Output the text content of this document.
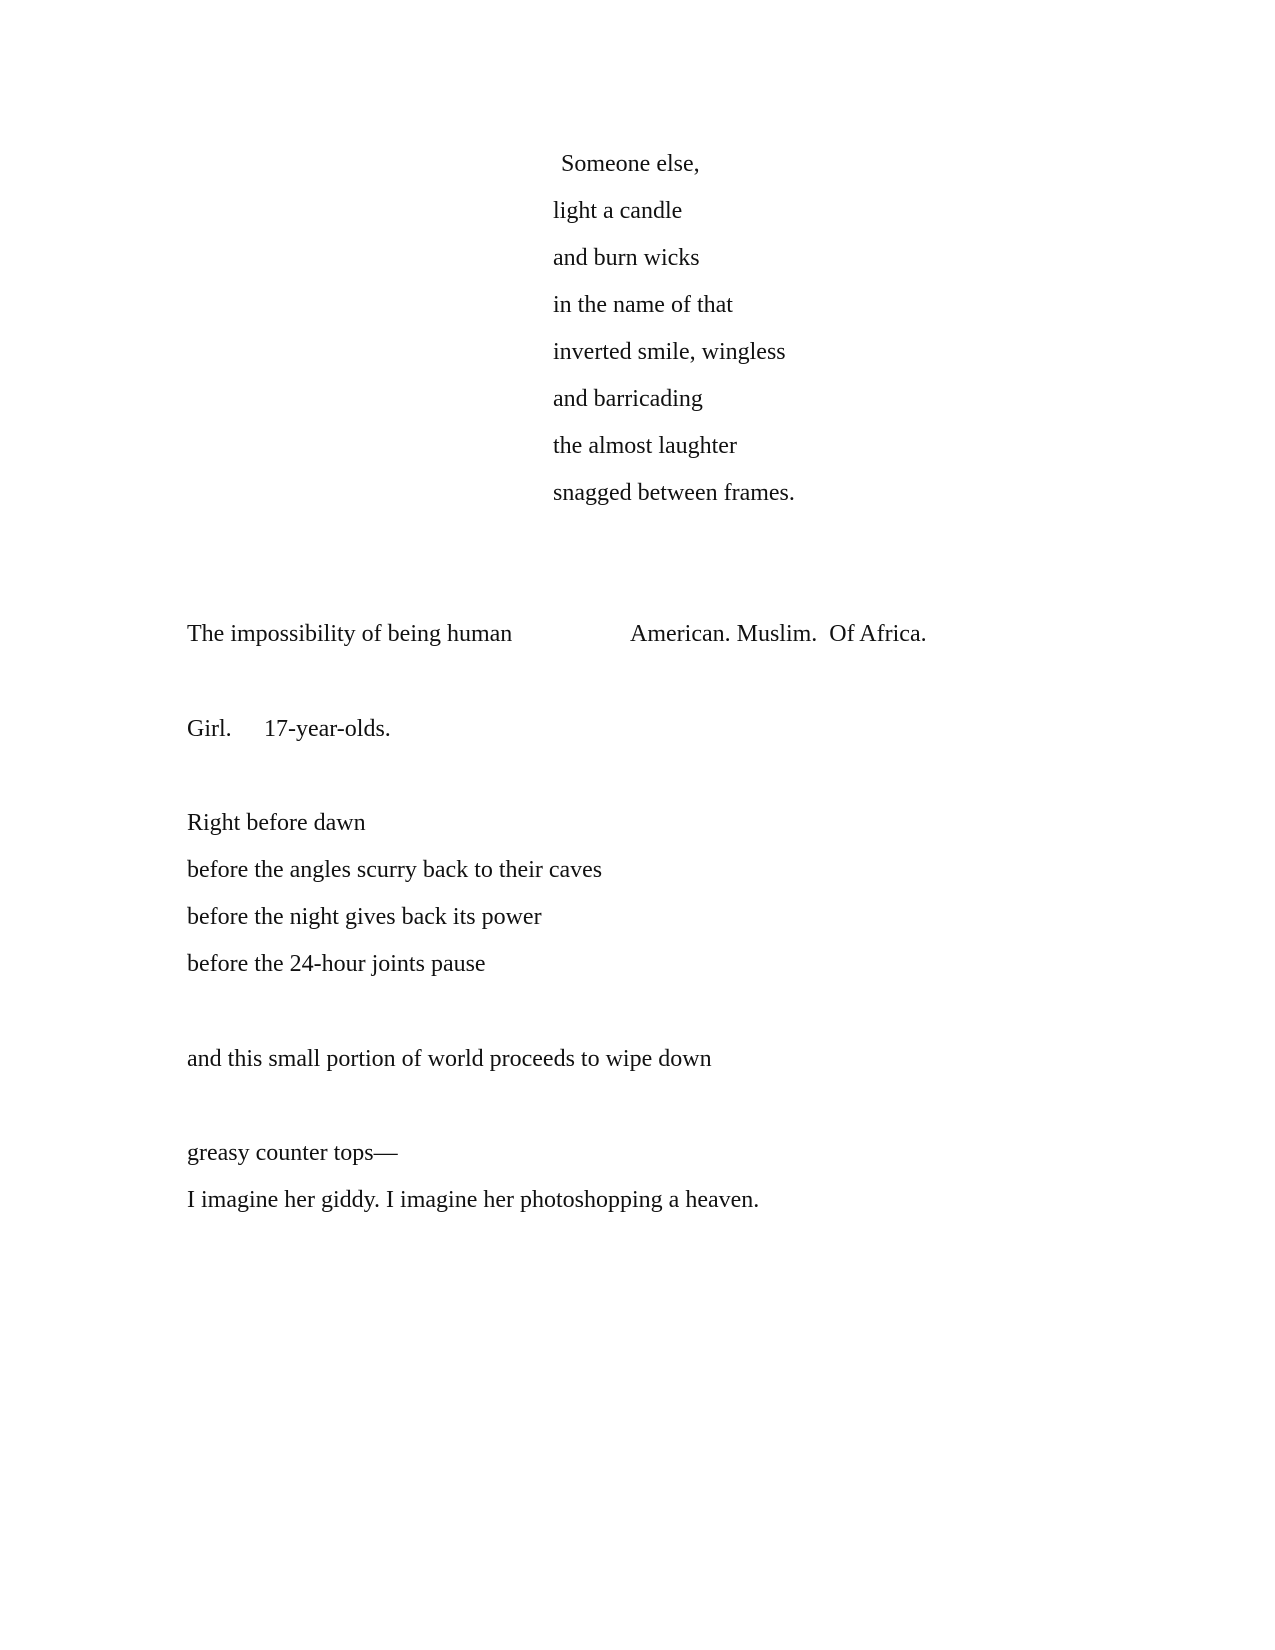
Someone else,

light a candle

and burn wicks

in the name of that

inverted smile, wingless

and barricading

the almost laughter

snagged between frames.

The impossibility of being human	American. Muslim.  Of Africa.

Girl. 17-year-olds.

Right before dawn

before the angles scurry back to their caves

before the night gives back its power

before the 24-hour joints pause

and this small portion of world proceeds to wipe down

greasy counter tops—

I imagine her giddy. I imagine her photoshopping a heaven.
